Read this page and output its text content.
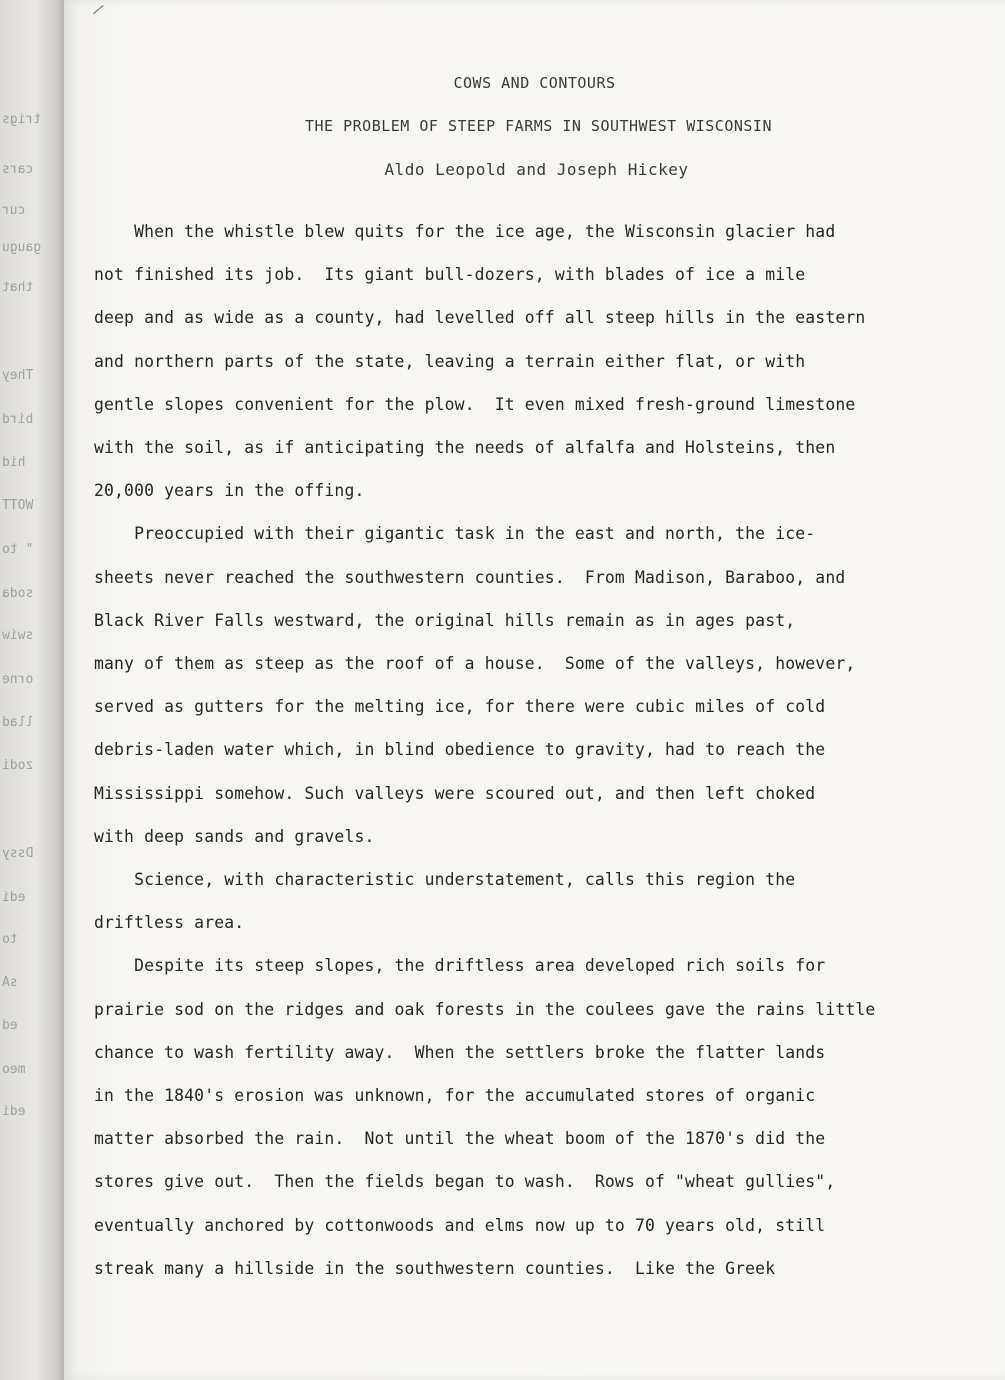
trigs
cars
cur
gaugu
that
They
bird
hid
WOTT
" to
soda
swiw
orne
llad
zodi
Dssy
edi
to
sA
ed
meo
edi
/
COWS AND CONTOURS
THE PROBLEM OF STEEP FARMS IN SOUTHWEST WISCONSIN
Aldo Leopold and Joseph Hickey
When the whistle blew quits for the ice age, the Wisconsin glacier had
not finished its job.  Its giant bull-dozers, with blades of ice a mile
deep and as wide as a county, had levelled off all steep hills in the eastern
and northern parts of the state, leaving a terrain either flat, or with
gentle slopes convenient for the plow.  It even mixed fresh-ground limestone
with the soil, as if anticipating the needs of alfalfa and Holsteins, then
20,000 years in the offing.
Preoccupied with their gigantic task in the east and north, the ice-
sheets never reached the southwestern counties.  From Madison, Baraboo, and
Black River Falls westward, the original hills remain as in ages past,
many of them as steep as the roof of a house.  Some of the valleys, however,
served as gutters for the melting ice, for there were cubic miles of cold
debris-laden water which, in blind obedience to gravity, had to reach the
Mississippi somehow. Such valleys were scoured out, and then left choked
with deep sands and gravels.
Science, with characteristic understatement, calls this region the
driftless area.
Despite its steep slopes, the driftless area developed rich soils for
prairie sod on the ridges and oak forests in the coulees gave the rains little
chance to wash fertility away.  When the settlers broke the flatter lands
in the 1840's erosion was unknown, for the accumulated stores of organic
matter absorbed the rain.  Not until the wheat boom of the 1870's did the
stores give out.  Then the fields began to wash.  Rows of "wheat gullies",
eventually anchored by cottonwoods and elms now up to 70 years old, still
streak many a hillside in the southwestern counties.  Like the Greek
